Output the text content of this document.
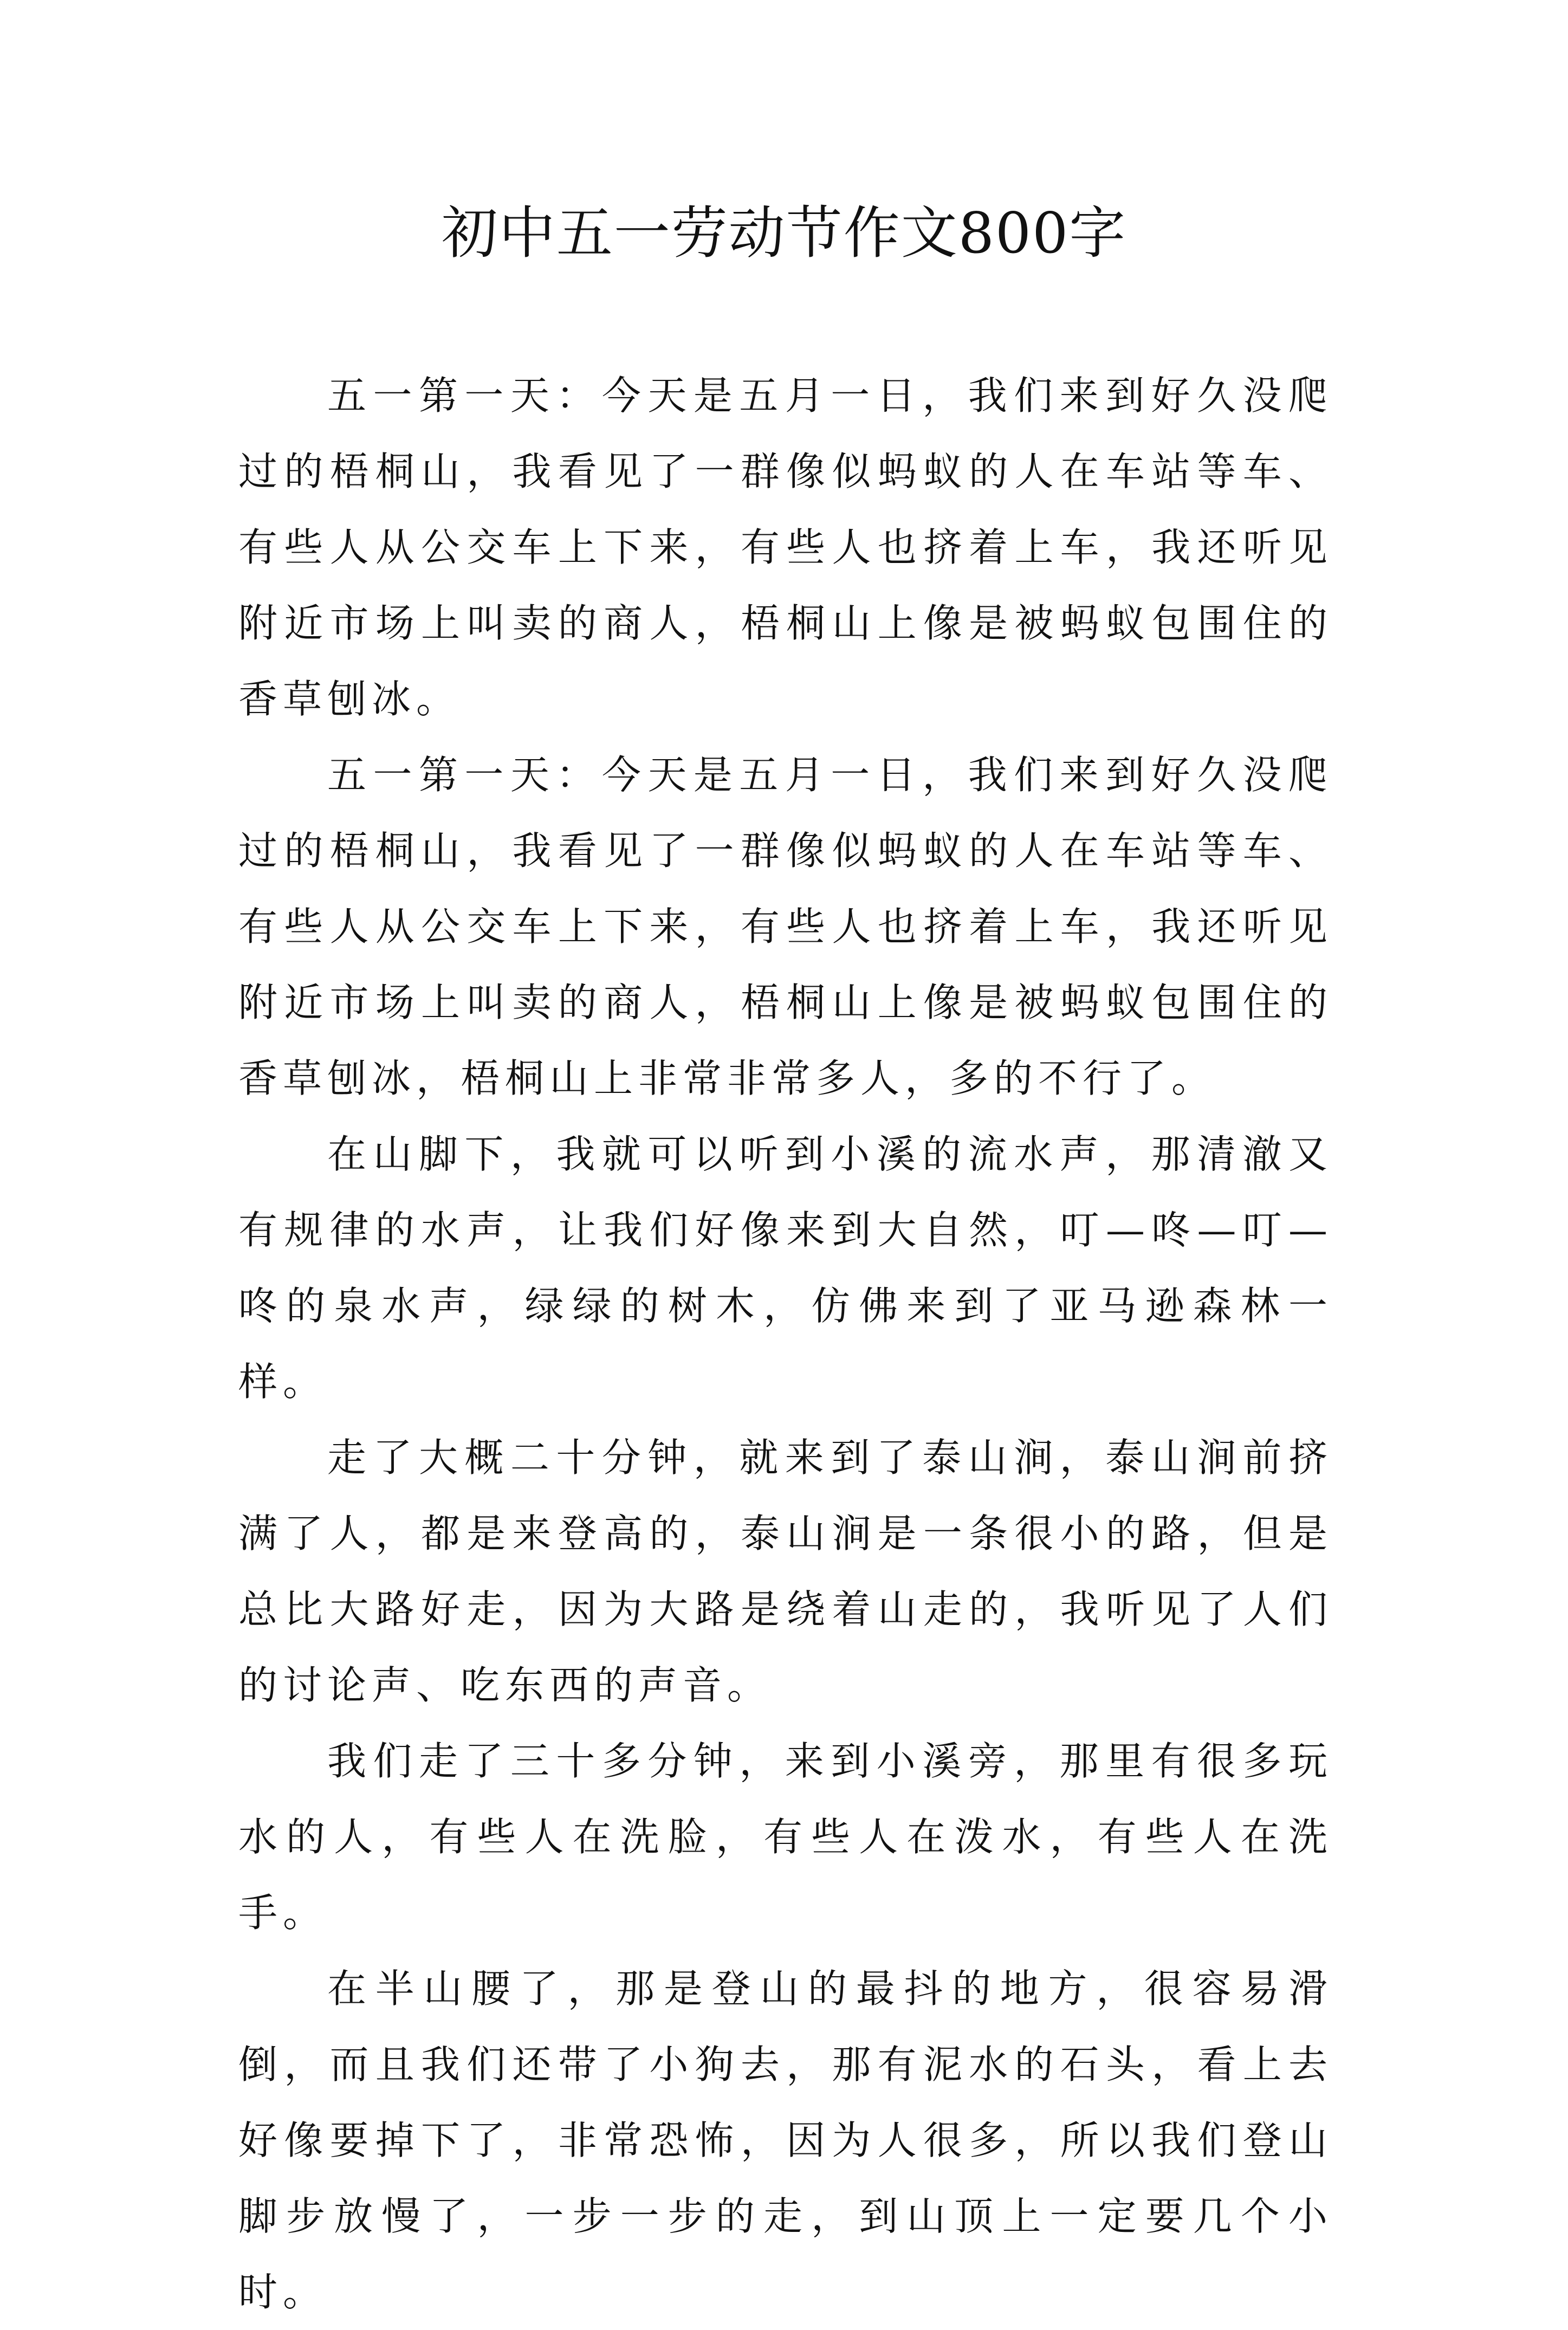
初中五一劳动节作文800字

五一第一天：今天是五月一日，我们来到好久没爬过的梧桐山，我看见了一群像似蚂蚁的人在车站等车、有些人从公交车上下来，有些人也挤着上车，我还听见附近市场上叫卖的商人，梧桐山上像是被蚂蚁包围住的香草刨冰。

五一第一天：今天是五月一日，我们来到好久没爬过的梧桐山，我看见了一群像似蚂蚁的人在车站等车、有些人从公交车上下来，有些人也挤着上车，我还听见附近市场上叫卖的商人，梧桐山上像是被蚂蚁包围住的香草刨冰，梧桐山上非常非常多人，多的不行了。

在山脚下，我就可以听到小溪的流水声，那清澈又有规律的水声，让我们好像来到大自然，叮—咚—叮—咚的泉水声，绿绿的树木，仿佛来到了亚马逊森林一样。

走了大概二十分钟，就来到了泰山涧，泰山涧前挤满了人，都是来登高的，泰山涧是一条很小的路，但是总比大路好走，因为大路是绕着山走的，我听见了人们的讨论声、吃东西的声音。

我们走了三十多分钟，来到小溪旁，那里有很多玩水的人，有些人在洗脸，有些人在泼水，有些人在洗手。

在半山腰了，那是登山的最抖的地方，很容易滑倒，而且我们还带了小狗去，那有泥水的石头，看上去好像要掉下了，非常恐怖，因为人很多，所以我们登山脚步放慢了，一步一步的走，到山顶上一定要几个小时。
